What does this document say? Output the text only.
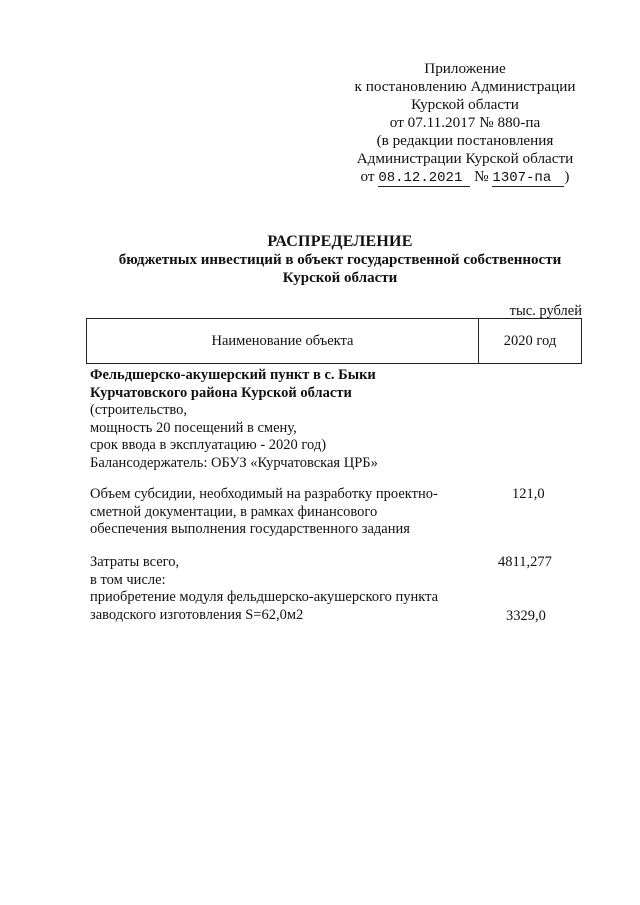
Приложение
к постановлению Администрации
Курской области
от 07.11.2017 № 880-па
(в редакции постановления
Администрации Курской области
от 08.12.2021 № 1307-па )
РАСПРЕДЕЛЕНИЕ
бюджетных инвестиций в объект государственной собственности
Курской области
тыс. рублей
Наименование объекта	2020 год
Фельдшерско-акушерский пункт в с. Быки
Курчатовского района Курской области
(строительство,
мощность 20 посещений в смену,
срок ввода в эксплуатацию - 2020 год)
Балансодержатель: ОБУЗ «Курчатовская ЦРБ»
Объем субсидии, необходимый на разработку проектно-
сметной документации, в рамках финансового
обеспечения выполнения государственного задания
121,0
Затраты всего,
в том числе:
приобретение модуля фельдшерско-акушерского пункта
заводского изготовления S=62,0м2
4811,277
3329,0
